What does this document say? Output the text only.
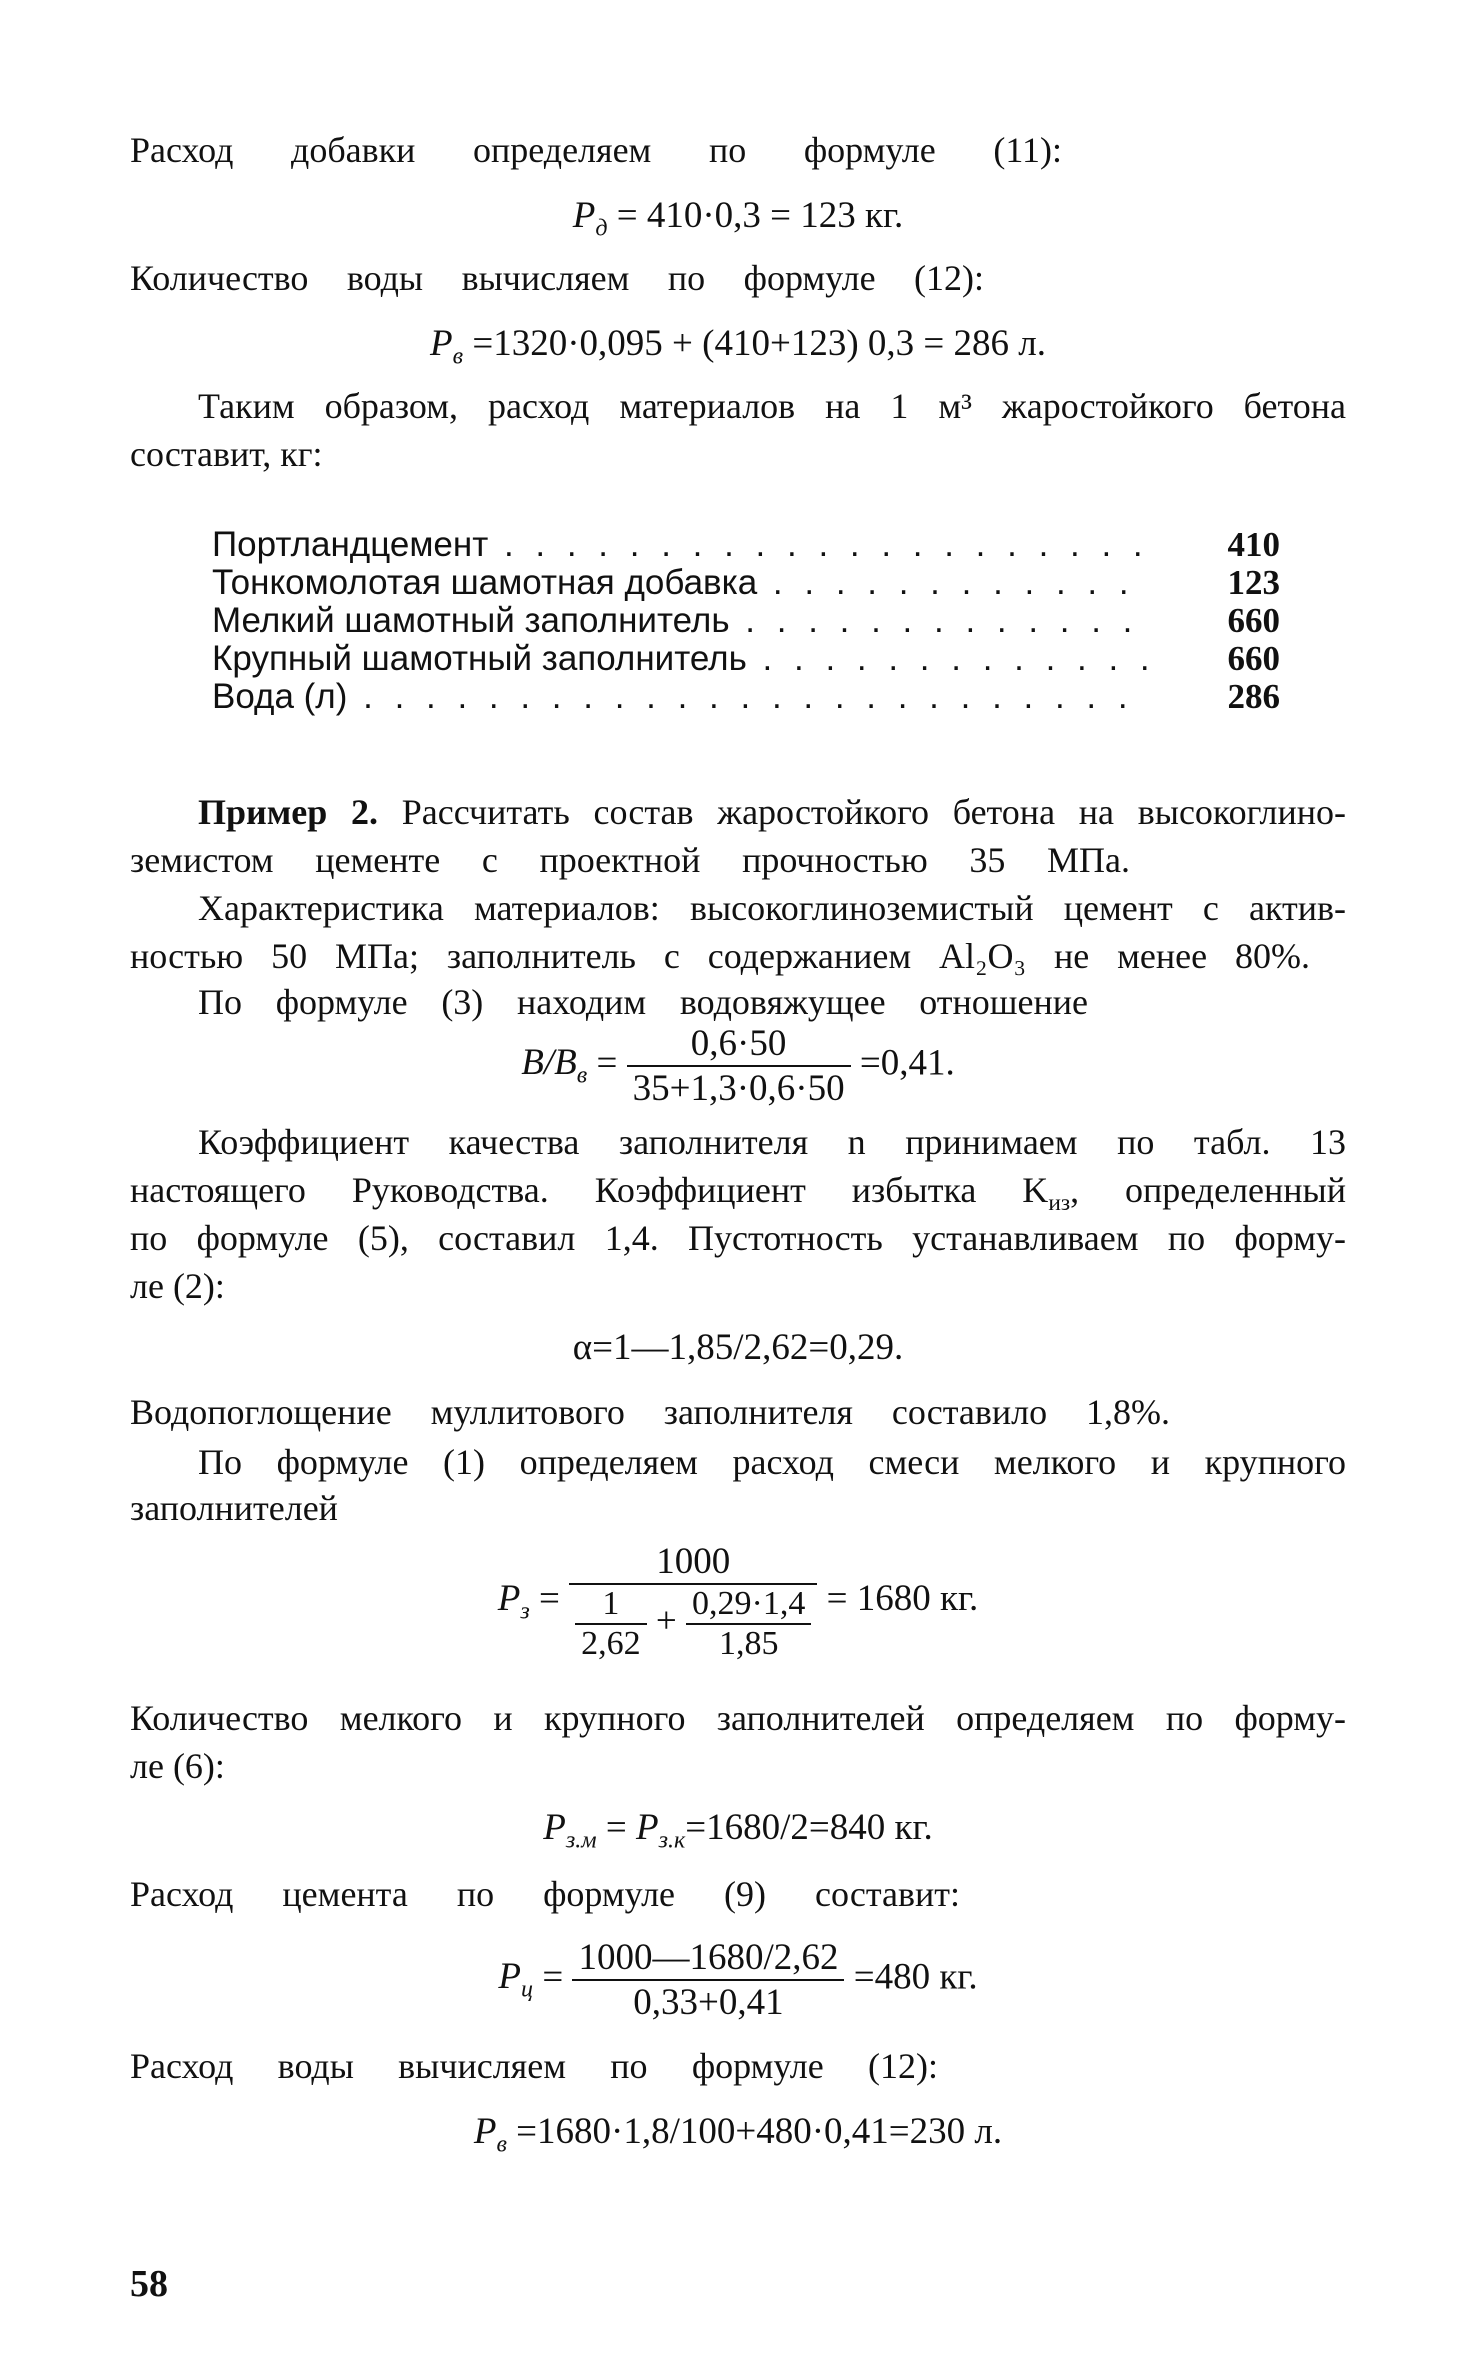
Расход добавки определяем по формуле (11):
$Р_д = 410\cdot 0,3 = 123$ кг.
Количество воды вычисляем по формуле (12):
$Р_в =1320\cdot 0,095 + (410+123) 0,3 = 286$ л.
Таким образом, расход материалов на 1 м³ жаростойкого бетона
составит, кг:
Портландцемент . . .	410
Тонкомолотая шамотная добавка . . .	123
Мелкий шамотный заполнитель . . .	660
Крупный шамотный заполнитель . . .	660
Вода (л) . . .	286
Пример 2. Рассчитать состав жаростойкого бетона на высокоглино-
земистом цементе с проектной прочностью 35 МПа.
Характеристика материалов: высокоглиноземистый цемент с актив-
ностью 50 МПа; заполнитель с содержанием Al₂O₃ не менее 80%.
По формуле (3) находим водовяжущее отношение
$В/В_в = \frac{0,6\cdot 50}{35+1,3\cdot 0,6\cdot 50} =0,41$.
Коэффициент качества заполнителя n принимаем по табл. 13
настоящего Руководства. Коэффициент избытка $K_{из}$, определенный
по формуле (5), составил 1,4. Пустотность устанавливаем по форму-
ле (2):
α=1—1,85/2,62=0,29.
Водопоглощение муллитового заполнителя составило 1,8%.
По формуле (1) определяем расход смеси мелкого и крупного
заполнителей
$Р_з$ =
1000
$\frac{1}{2,62} + \frac{0,29\cdot 1,4}{1,85} = 1680$ кг.
Количество мелкого и крупного заполнителей определяем по форму-
ле (6):
$Р_{з.м} = Р_{з.к}=1680/2=840$ кг.
Расход цемента по формуле (9) составит:
$Р_ц = \frac{1000—1680/2,62}{0,33+0,41} =480$ кг.
Расход воды вычисляем по формуле (12):
$Р_в =1680\cdot 1,8/100+480\cdot 0,41=230$ л.
58
